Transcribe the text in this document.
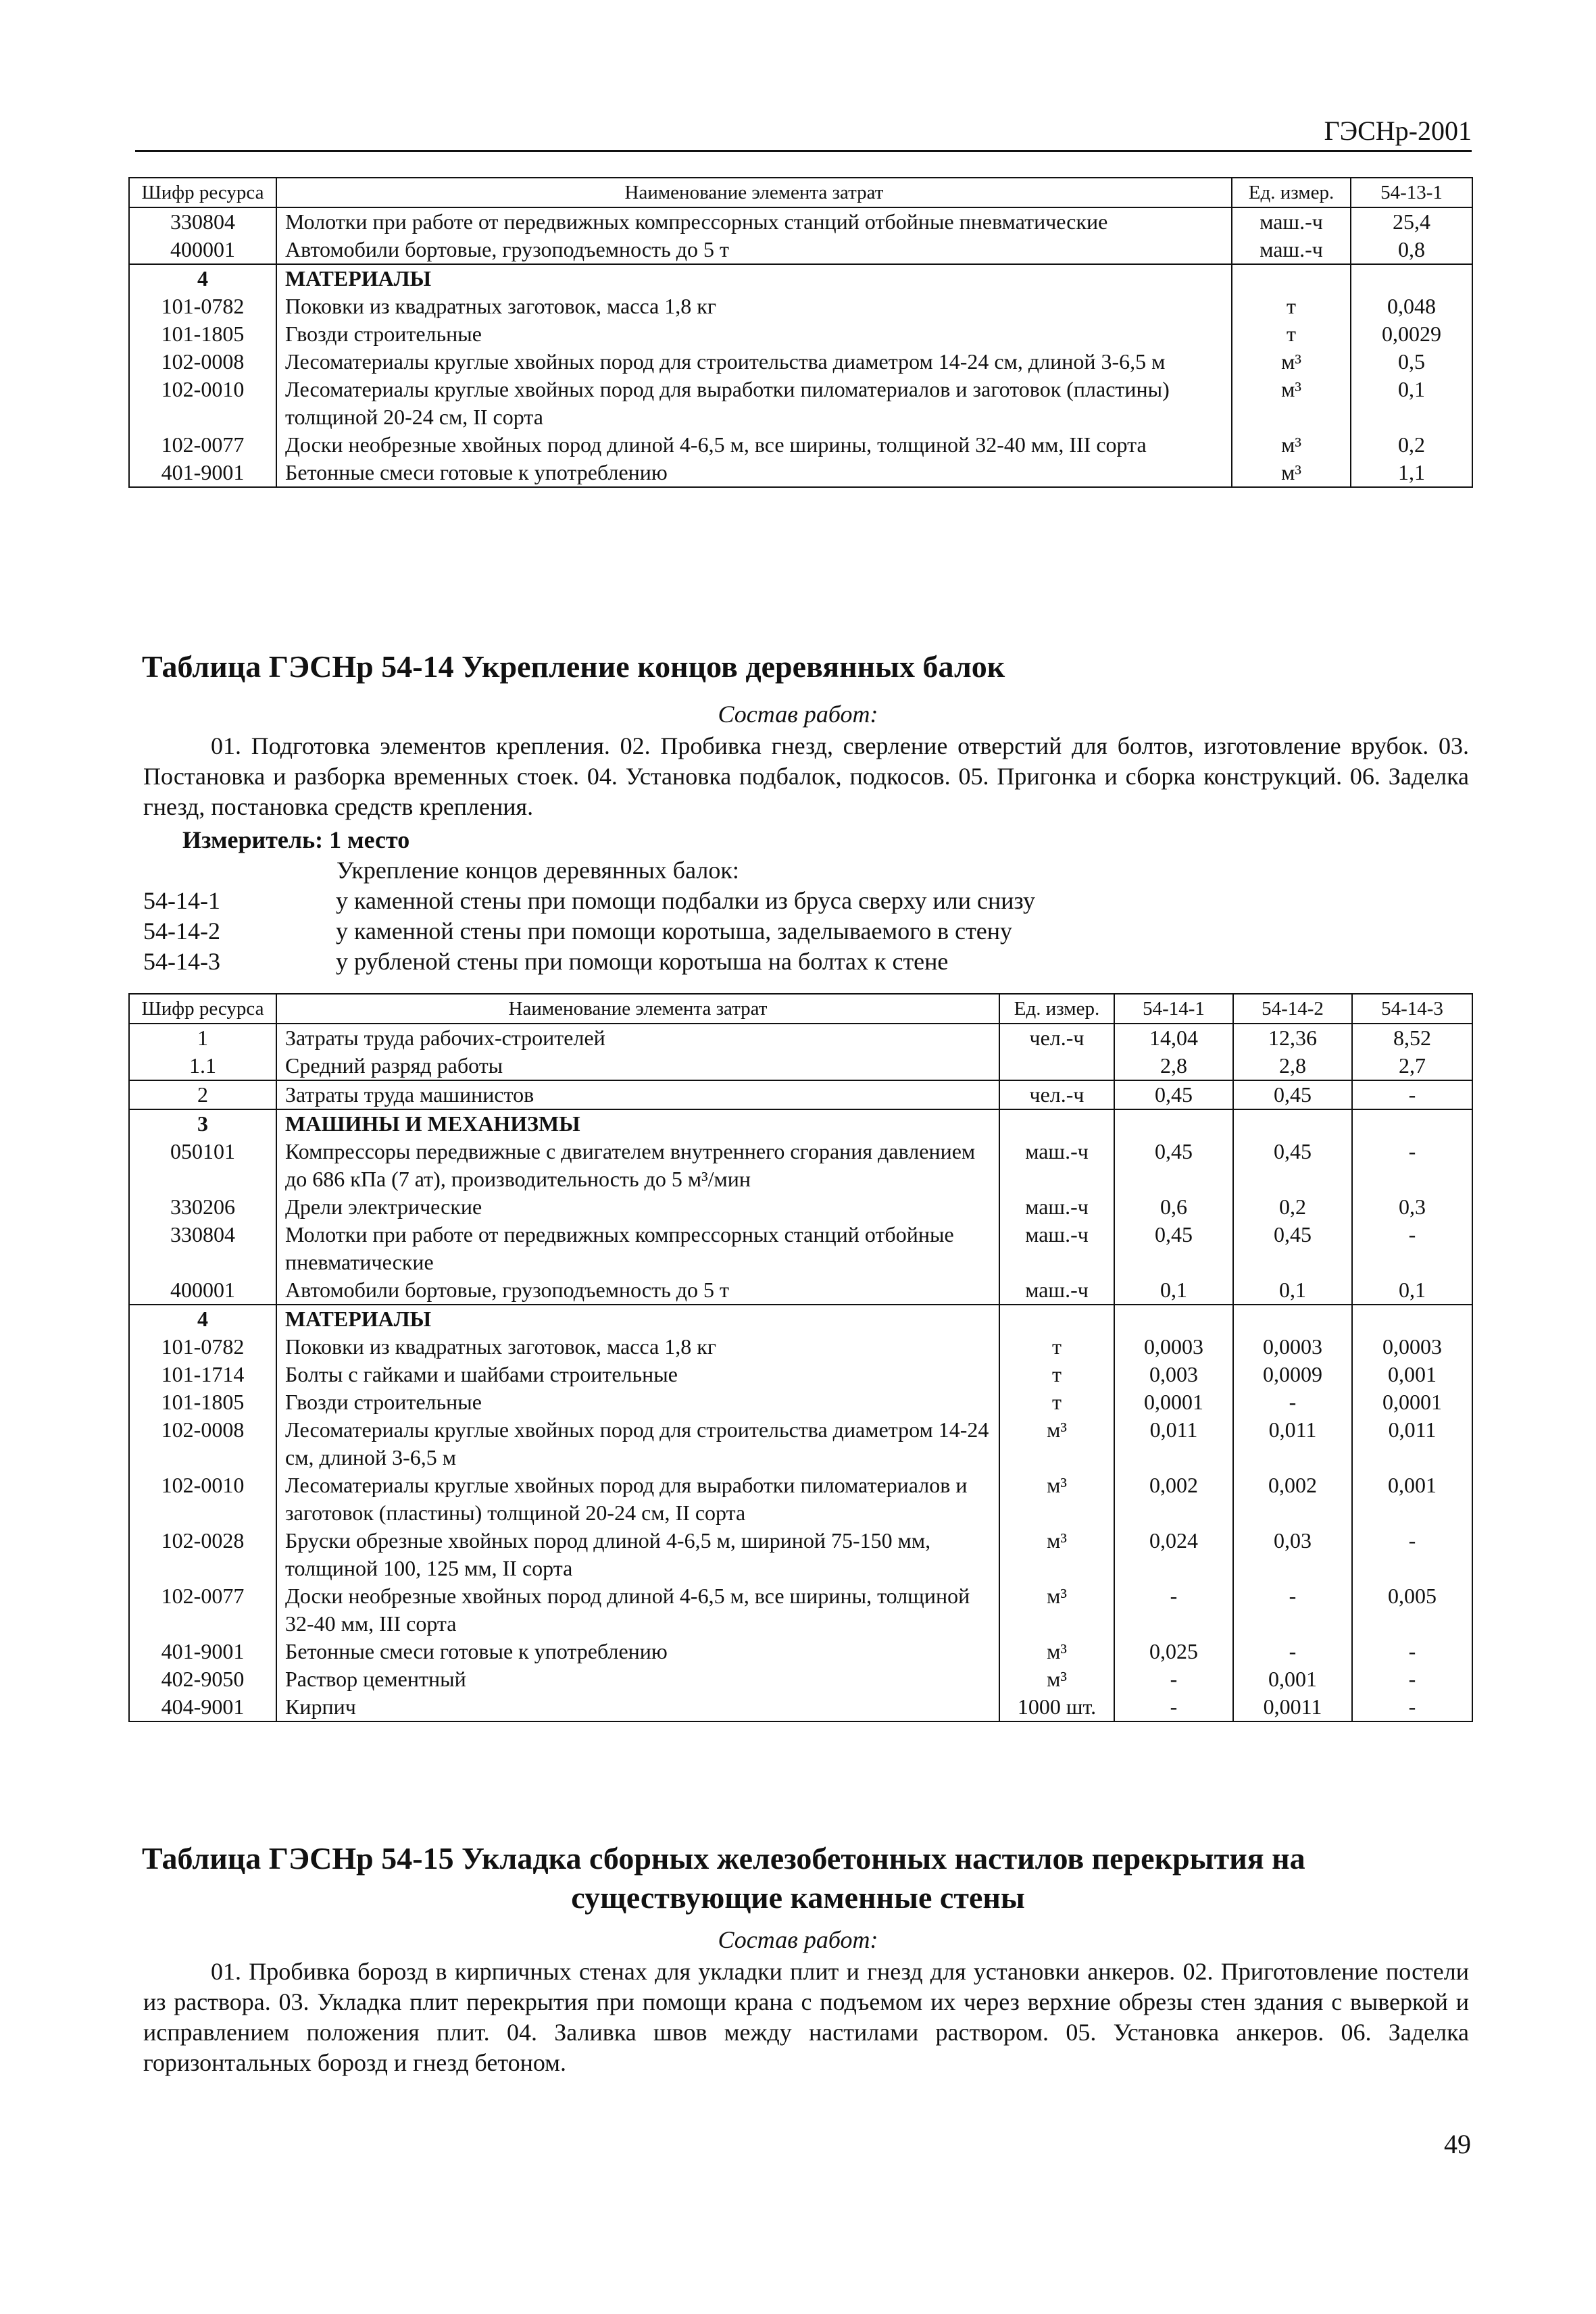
ГЭСНр-2001
Шифр ресурса	Наименование элемента затрат	Ед. измер.	54-13-1
330804	Молотки при работе от передвижных компрессорных станций отбойные пневматические	маш.-ч	25,4
400001	Автомобили бортовые, грузоподъемность до 5 т	маш.-ч	0,8
4	МАТЕРИАЛЫ		
101-0782	Поковки из квадратных заготовок, масса 1,8 кг	т	0,048
101-1805	Гвозди строительные	т	0,0029
102-0008	Лесоматериалы круглые хвойных пород для строительства диаметром 14-24 см, длиной 3-6,5 м	м³	0,5
102-0010	Лесоматериалы круглые хвойных пород для выработки пиломатериалов и заготовок (пластины) толщиной 20-24 см, II сорта	м³	0,1
102-0077	Доски необрезные хвойных пород длиной 4-6,5 м, все ширины, толщиной 32-40 мм, III сорта	м³	0,2
401-9001	Бетонные смеси готовые к употреблению	м³	1,1
Таблица ГЭСНр 54-14 Укрепление концов деревянных балок
Состав работ:
01. Подготовка элементов крепления. 02. Пробивка гнезд, сверление отверстий для болтов, изготовление врубок. 03. Постановка и разборка временных стоек. 04. Установка подбалок, подкосов. 05. Пригонка и сборка конструкций. 06. Заделка гнезд, постановка средств крепления.
Измеритель: 1 место
Укрепление концов деревянных балок:
54-14-1	у каменной стены при помощи подбалки из бруса сверху или снизу
54-14-2	у каменной стены при помощи коротыша, заделываемого в стену
54-14-3	у рубленой стены при помощи коротыша на болтах к стене
Шифр ресурса	Наименование элемента затрат	Ед. измер.	54-14-1	54-14-2	54-14-3
1	Затраты труда рабочих-строителей	чел.-ч	14,04	12,36	8,52
1.1	Средний разряд работы		2,8	2,8	2,7
2	Затраты труда машинистов	чел.-ч	0,45	0,45	-
3	МАШИНЫ И МЕХАНИЗМЫ				
050101	Компрессоры передвижные с двигателем внутреннего сгорания давлением до 686 кПа (7 ат), производительность до 5 м³/мин	маш.-ч	0,45	0,45	-
330206	Дрели электрические	маш.-ч	0,6	0,2	0,3
330804	Молотки при работе от передвижных компрессорных станций отбойные пневматические	маш.-ч	0,45	0,45	-
400001	Автомобили бортовые, грузоподъемность до 5 т	маш.-ч	0,1	0,1	0,1
4	МАТЕРИАЛЫ				
101-0782	Поковки из квадратных заготовок, масса 1,8 кг	т	0,0003	0,0003	0,0003
101-1714	Болты с гайками и шайбами строительные	т	0,003	0,0009	0,001
101-1805	Гвозди строительные	т	0,0001	-	0,0001
102-0008	Лесоматериалы круглые хвойных пород для строительства диаметром 14-24 см, длиной 3-6,5 м	м³	0,011	0,011	0,011
102-0010	Лесоматериалы круглые хвойных пород для выработки пиломатериалов и заготовок (пластины) толщиной 20-24 см, II сорта	м³	0,002	0,002	0,001
102-0028	Бруски обрезные хвойных пород длиной 4-6,5 м, шириной 75-150 мм, толщиной 100, 125 мм, II сорта	м³	0,024	0,03	-
102-0077	Доски необрезные хвойных пород длиной 4-6,5 м, все ширины, толщиной 32-40 мм, III сорта	м³	-	-	0,005
401-9001	Бетонные смеси готовые к употреблению	м³	0,025	-	-
402-9050	Раствор цементный	м³	-	0,001	-
404-9001	Кирпич	1000 шт.	-	0,0011	-
Таблица ГЭСНр 54-15 Укладка сборных железобетонных настилов перекрытия на
существующие каменные стены
Состав работ:
01. Пробивка борозд в кирпичных стенах для укладки плит и гнезд для установки анкеров. 02. Приготовление постели из раствора. 03. Укладка плит перекрытия при помощи крана с подъемом их через верхние обрезы стен здания с выверкой и исправлением положения плит. 04. Заливка швов между настилами раствором. 05. Установка анкеров. 06. Заделка горизонтальных борозд и гнезд бетоном.
49
